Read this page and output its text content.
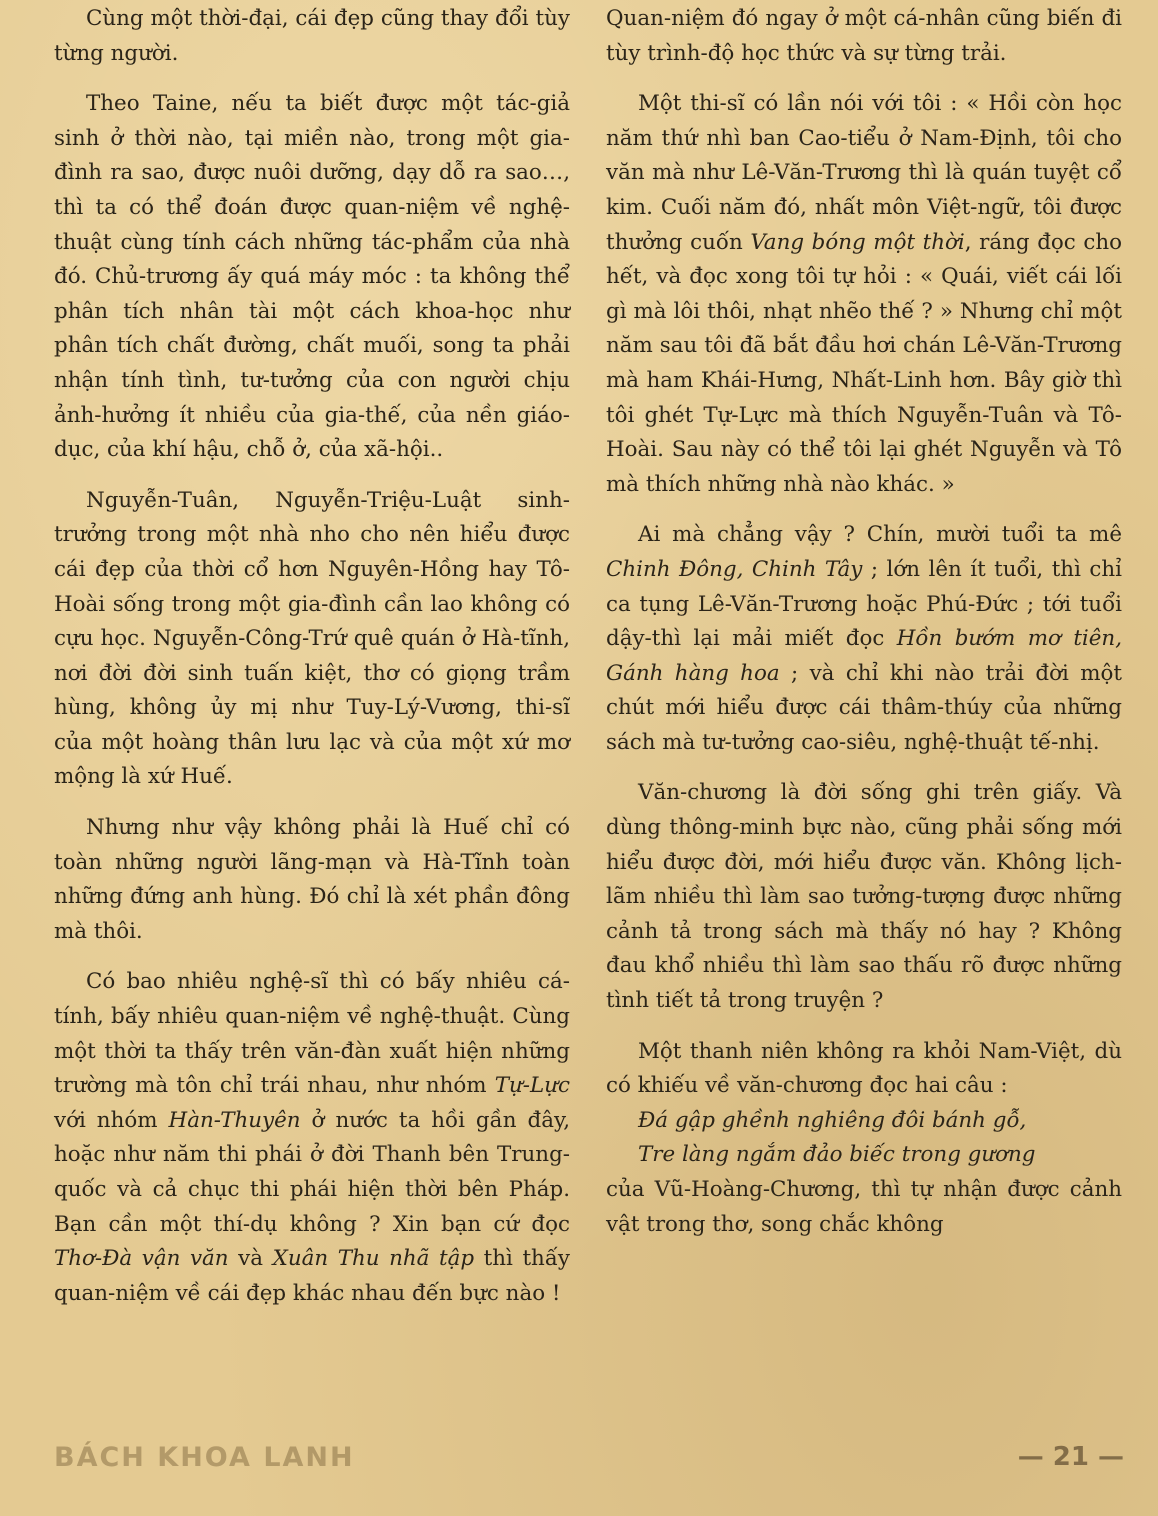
Cùng một thời-đại, cái đẹp cũng thay đổi tùy từng người.

Theo Taine, nếu ta biết được một tác-giả sinh ở thời nào, tại miền nào, trong một gia-đình ra sao, được nuôi dưỡng, dạy dỗ ra sao…, thì ta có thể đoán được quan-niệm về nghệ-thuật cùng tính cách những tác-phẩm của nhà đó. Chủ-trương ấy quá máy móc : ta không thể phân tích nhân tài một cách khoa-học như phân tích chất đường, chất muối, song ta phải nhận tính tình, tư-tưởng của con người chịu ảnh-hưởng ít nhiều của gia-thế, của nền giáo-dục, của khí hậu, chỗ ở, của xã-hội..

Nguyễn-Tuân, Nguyễn-Triệu-Luật sinh-trưởng trong một nhà nho cho nên hiểu được cái đẹp của thời cổ hơn Nguyên-Hồng hay Tô-Hoài sống trong một gia-đình cần lao không có cựu học. Nguyễn-Công-Trứ quê quán ở Hà-tĩnh, nơi đời đời sinh tuấn kiệt, thơ có giọng trầm hùng, không ủy mị như Tuy-Lý-Vương, thi-sĩ của một hoàng thân lưu lạc và của một xứ mơ mộng là xứ Huế.

Nhưng như vậy không phải là Huế chỉ có toàn những người lãng-mạn và Hà-Tĩnh toàn những đứng anh hùng. Đó chỉ là xét phần đông mà thôi.

Có bao nhiêu nghệ-sĩ thì có bấy nhiêu cá-tính, bấy nhiêu quan-niệm về nghệ-thuật. Cùng một thời ta thấy trên văn-đàn xuất hiện những trường mà tôn chỉ trái nhau, như nhóm Tự-Lực với nhóm Hàn-Thuyên ở nước ta hồi gần đây, hoặc như năm thi phái ở đời Thanh bên Trung-quốc và cả chục thi phái hiện thời bên Pháp. Bạn cần một thí-dụ không ? Xin bạn cứ đọc Thơ-Đà vận văn và Xuân Thu nhã tập thì thấy quan-niệm về cái đẹp khác nhau đến bực nào !

Quan-niệm đó ngay ở một cá-nhân cũng biến đi tùy trình-độ học thức và sự từng trải.

Một thi-sĩ có lần nói với tôi : « Hồi còn học năm thứ nhì ban Cao-tiểu ở Nam-Định, tôi cho văn mà như Lê-Văn-Trương thì là quán tuyệt cổ kim. Cuối năm đó, nhất môn Việt-ngữ, tôi được thưởng cuốn Vang bóng một thời, ráng đọc cho hết, và đọc xong tôi tự hỏi : « Quái, viết cái lối gì mà lôi thôi, nhạt nhẽo thế ? » Nhưng chỉ một năm sau tôi đã bắt đầu hơi chán Lê-Văn-Trương mà ham Khái-Hưng, Nhất-Linh hơn. Bây giờ thì tôi ghét Tự-Lực mà thích Nguyễn-Tuân và Tô-Hoài. Sau này có thể tôi lại ghét Nguyễn và Tô mà thích những nhà nào khác. »

Ai mà chẳng vậy ? Chín, mười tuổi ta mê Chinh Đông, Chinh Tây ; lớn lên ít tuổi, thì chỉ ca tụng Lê-Văn-Trương hoặc Phú-Đức ; tới tuổi dậy-thì lại mải miết đọc Hồn bướm mơ tiên, Gánh hàng hoa ; và chỉ khi nào trải đời một chút mới hiểu được cái thâm-thúy của những sách mà tư-tưởng cao-siêu, nghệ-thuật tế-nhị.

Văn-chương là đời sống ghi trên giấy. Và dùng thông-minh bực nào, cũng phải sống mới hiểu được đời, mới hiểu được văn. Không lịch-lãm nhiều thì làm sao tưởng-tượng được những cảnh tả trong sách mà thấy nó hay ? Không đau khổ nhiều thì làm sao thấu rõ được những tình tiết tả trong truyện ?

Một thanh niên không ra khỏi Nam-Việt, dù có khiếu về văn-chương đọc hai câu :

Đá gập ghềnh nghiêng đôi bánh gỗ,

Tre làng ngắm đảo biếc trong gương

của Vũ-Hoàng-Chương, thì tự nhận được cảnh vật trong thơ, song chắc không

BÁCH KHOA LANH	— 21 —
